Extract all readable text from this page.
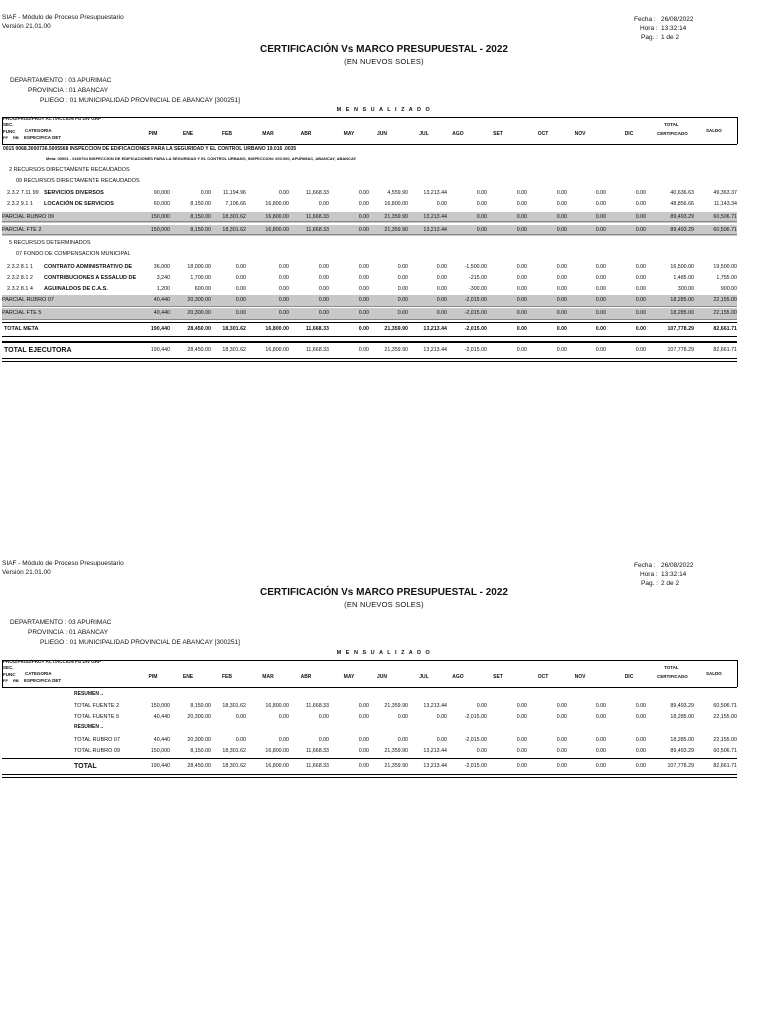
SIAF - Módulo de Proceso Presupuestario
Versión 21.01.00
Fecha : 26/08/2022
Hora : 13:32:14
Pag. : 1 de 2
CERTIFICACIÓN Vs MARCO PRESUPUESTAL - 2022
(EN NUEVOS SOLES)
DEPARTAMENTO : 03 APURIMAC
PROVINCIA : 01 ABANCAY
PLIEGO : 01 MUNICIPALIDAD PROVINCIAL DE ABANCAY [300251]
M E N S U A L I Z A D O
PROG/PROD/PROY ACT/ACCION FG DIV GRP
SEC.
FUNC CATEGORIA
FF RB ESPECIFICA DET
PIM	ENE	FEB	MAR	ABR	MAY	JUN	JUL	AGO	SET	OCT	NOV	DIC
TOTAL
CERTIFICADO
SALDO
0015 0068.3000736.5005568 INSPECCION DE EDIFICACIONES PARA LA SEGURIDAD Y EL CONTROL URBANO 19.016 .0035
Meta: 00001 - 0160704 INSPECCION DE EDIFICACIONES PARA LA SEGURIDAD Y EL CONTROL URBANO, INSPECCION: 200.000, APURIMAC, ABANCAY, ABANCAY
2 RECURSOS DIRECTAMENTE RECAUDADOS
09 RECURSOS DIRECTAMENTE RECAUDADOS
5 RECURSOS DETERMINADOS
07 FONDO DE COMPENSACION MUNICIPAL
2.3.2 7.11 99 SERVICIOS DIVERSOS	90,000	0.00	11,194.96	0.00	11,668.33	0.00	4,559.90	13,213.44	0.00	0.00	0.00	0.00	0.00	40,636.63	49,363.37
2.3.2 9.1 1 LOCACIÓN DE SERVICIOS	60,000	8,150.00	7,106.66	16,800.00	0.00	0.00	16,800.00	0.00	0.00	0.00	0.00	0.00	0.00	48,856.66	11,143.34
PARCIAL RUBRO 09	150,000	8,150.00	18,301.62	16,800.00	11,668.33	0.00	21,359.90	13,213.44	0.00	0.00	0.00	0.00	0.00	89,493.29	60,506.71
PARCIAL FTE 2	150,000	8,150.00	18,301.62	16,800.00	11,668.33	0.00	21,359.90	13,213.44	0.00	0.00	0.00	0.00	0.00	89,493.29	60,506.71
2.3.2 8.1 1 CONTRATO ADMINISTRATIVO DE	36,000	18,000.00	0.00	0.00	0.00	0.00	0.00	0.00	-1,500.00	0.00	0.00	0.00	0.00	16,500.00	19,500.00
2.3.2 8.1 2 CONTRIBUCIONES A ESSALUD DE	3,240	1,700.00	0.00	0.00	0.00	0.00	0.00	0.00	-215.00	0.00	0.00	0.00	0.00	1,485.00	1,755.00
2.3.2 8.1 4 AGUINALDOS DE C.A.S.	1,200	600.00	0.00	0.00	0.00	0.00	0.00	0.00	-300.00	0.00	0.00	0.00	0.00	300.00	900.00
PARCIAL RUBRO 07	40,440	20,300.00	0.00	0.00	0.00	0.00	0.00	0.00	-2,015.00	0.00	0.00	0.00	0.00	18,285.00	22,155.00
PARCIAL FTE 5	40,440	20,300.00	0.00	0.00	0.00	0.00	0.00	0.00	-2,015.00	0.00	0.00	0.00	0.00	18,285.00	22,155.00
TOTAL META	190,440	28,450.00	18,301.62	16,800.00	11,668.33	0.00	21,359.90	13,213.44	-2,015.00	0.00	0.00	0.00	0.00	107,778.29	82,661.71
TOTAL EJECUTORA	190,440	28,450.00	18,301.62	16,800.00	11,668.33	0.00	21,359.90	13,213.44	-2,015.00	0.00	0.00	0.00	0.00	107,778.29	82,661.71
SIAF - Módulo de Proceso Presupuestario
Versión 21.01.00
Fecha : 26/08/2022
Hora : 13:32:14
Pag. : 2 de 2
CERTIFICACIÓN Vs MARCO PRESUPUESTAL - 2022
(EN NUEVOS SOLES)
DEPARTAMENTO : 03 APURIMAC
PROVINCIA : 01 ABANCAY
PLIEGO : 01 MUNICIPALIDAD PROVINCIAL DE ABANCAY [300251]
M E N S U A L I Z A D O
PROG/PROD/PROY ACT/ACCION FG DIV GRP
SEC.
FUNC CATEGORIA
FF RB ESPECIFICA DET
PIM	ENE	FEB	MAR	ABR	MAY	JUN	JUL	AGO	SET	OCT	NOV	DIC
TOTAL
CERTIFICADO
SALDO
RESUMEN ..
RESUMEN ..
TOTAL FUENTE 2	150,000	8,150.00	18,301.62	16,800.00	11,668.33	0.00	21,359.90	13,213.44	0.00	0.00	0.00	0.00	0.00	89,493.29	60,506.71
TOTAL FUENTE 5	40,440	20,300.00	0.00	0.00	0.00	0.00	0.00	0.00	-2,015.00	0.00	0.00	0.00	0.00	18,285.00	22,155.00
TOTAL RUBRO 07	40,440	20,300.00	0.00	0.00	0.00	0.00	0.00	0.00	-2,015.00	0.00	0.00	0.00	0.00	18,285.00	22,155.00
TOTAL RUBRO 09	150,000	8,150.00	18,301.62	16,800.00	11,668.33	0.00	21,359.90	13,213.44	0.00	0.00	0.00	0.00	0.00	89,493.29	60,506.71
TOTAL	190,440	28,450.00	18,301.62	16,800.00	11,668.33	0.00	21,359.90	13,213.44	-2,015.00	0.00	0.00	0.00	0.00	107,778.29	82,661.71
